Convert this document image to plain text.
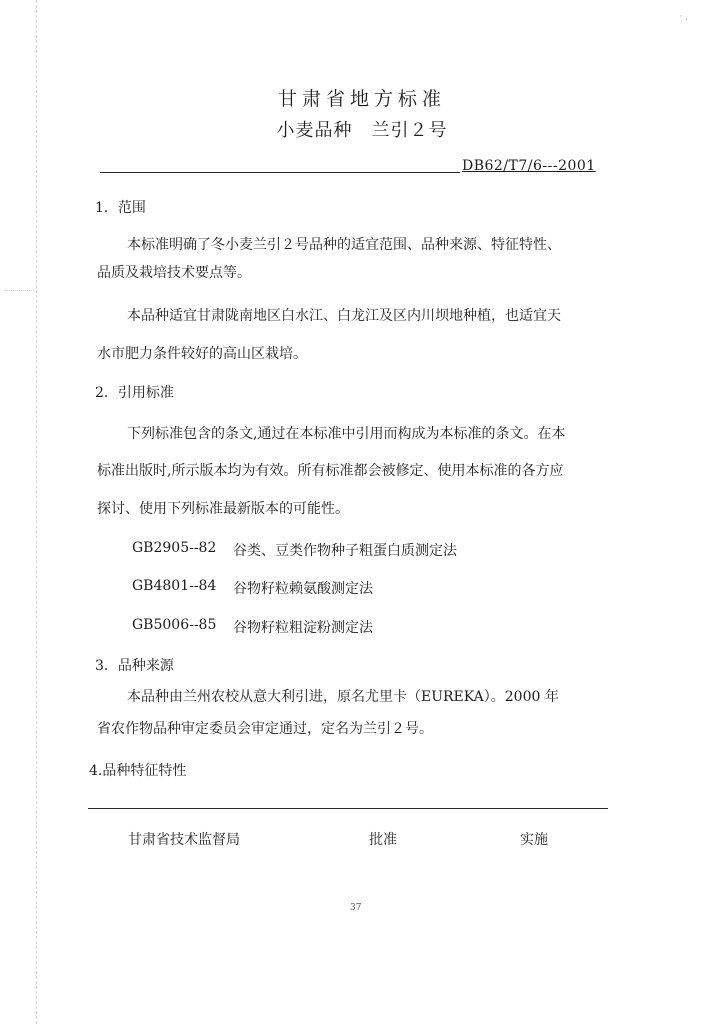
· ‚
甘肃省地方标准
小麦品种　兰引２号
DB62/T7/6---2001
1．范围
本标准明确了冬小麦兰引２号品种的适宜范围、品种来源、特征特性、
品质及栽培技术要点等。
本品种适宜甘肃陇南地区白水江、白龙江及区内川坝地种植，也适宜天
水市肥力条件较好的高山区栽培。
2．引用标准
下列标准包含的条文,通过在本标准中引用而构成为本标准的条文。在本
标准出版时,所示版本均为有效。所有标准都会被修定、使用本标准的各方应
探讨、使用下列标准最新版本的可能性。
GB2905--82 谷类、豆类作物种子粗蛋白质测定法
GB4801--84 谷物籽粒赖氨酸测定法
GB5006--85 谷物籽粒粗淀粉测定法
3．品种来源
本品种由兰州农校从意大利引进，原名尤里卡（EUREKA）。2000 年
省农作物品种审定委员会审定通过，定名为兰引２号。
4.品种特征特性
甘肃省技术监督局	批准	实施
37
